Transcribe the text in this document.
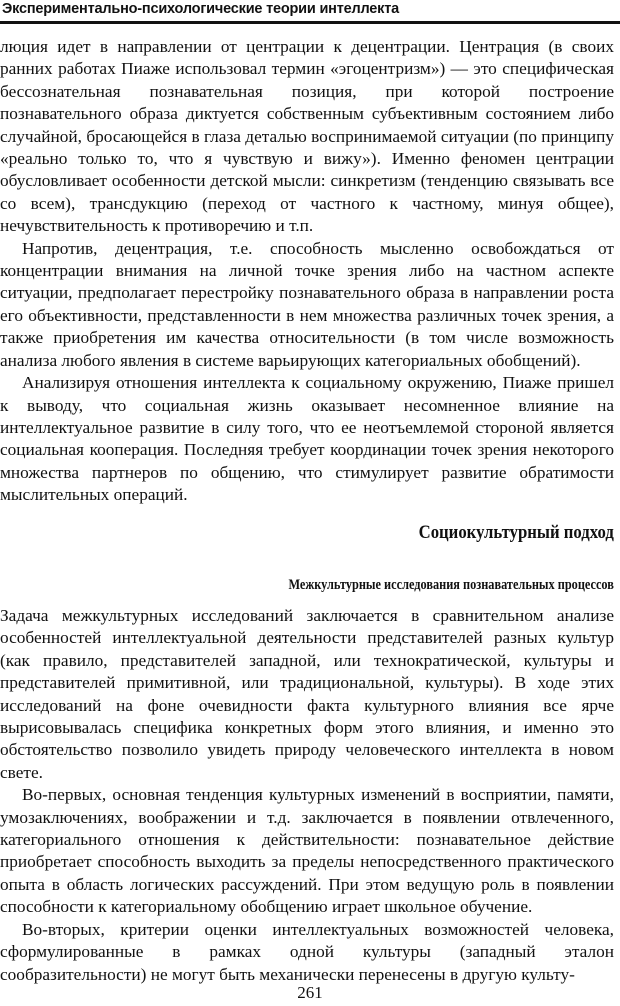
Экспериментально-психологические теории интеллекта

люция идет в направлении от центрации к децентрации. Центрация (в своих ранних работах Пиаже использовал термин «эгоцентризм») — это специфическая бессознательная познавательная позиция, при которой построение познавательного образа диктуется собственным субъективным состоянием либо случайной, бросающейся в глаза деталью воспринимаемой ситуации (по принципу «реально только то, что я чувствую и вижу»). Именно феномен центрации обусловливает особенности детской мысли: синкретизм (тенденцию связывать все со всем), трансдукцию (переход от частного к частному, минуя общее), нечувствительность к противоречию и т.п.

Напротив, децентрация, т.е. способность мысленно освобождаться от концентрации внимания на личной точке зрения либо на частном аспекте ситуации, предполагает перестройку познавательного образа в направлении роста его объективности, представленности в нем множества различных точек зрения, а также приобретения им качества относительности (в том числе возможность анализа любого явления в системе варьирующих категориальных обобщений).

Анализируя отношения интеллекта к социальному окружению, Пиаже пришел к выводу, что социальная жизнь оказывает несомненное влияние на интеллектуальное развитие в силу того, что ее неотъемлемой стороной является социальная кооперация. Последняя требует координации точек зрения некоторого множества партнеров по общению, что стимулирует развитие обратимости мыслительных операций.

Социокультурный подход
Межкультурные исследования познавательных процессов

Задача межкультурных исследований заключается в сравнительном анализе особенностей интеллектуальной деятельности представителей разных культур (как правило, представителей западной, или технократической, культуры и представителей примитивной, или традициональной, культуры). В ходе этих исследований на фоне очевидности факта культурного влияния все ярче вырисовывалась специфика конкретных форм этого влияния, и именно это обстоятельство позволило увидеть природу человеческого интеллекта в новом свете.

Во-первых, основная тенденция культурных изменений в восприятии, памяти, умозаключениях, воображении и т.д. заключается в появлении отвлеченного, категориального отношения к действительности: познавательное действие приобретает способность выходить за пределы непосредственного практического опыта в область логических рассуждений. При этом ведущую роль в появлении способности к категориальному обобщению играет школьное обучение.

Во-вторых, критерии оценки интеллектуальных возможностей человека, сформулированные в рамках одной культуры (западный эталон сообразительности) не могут быть механически перенесены в другую культу-

261
